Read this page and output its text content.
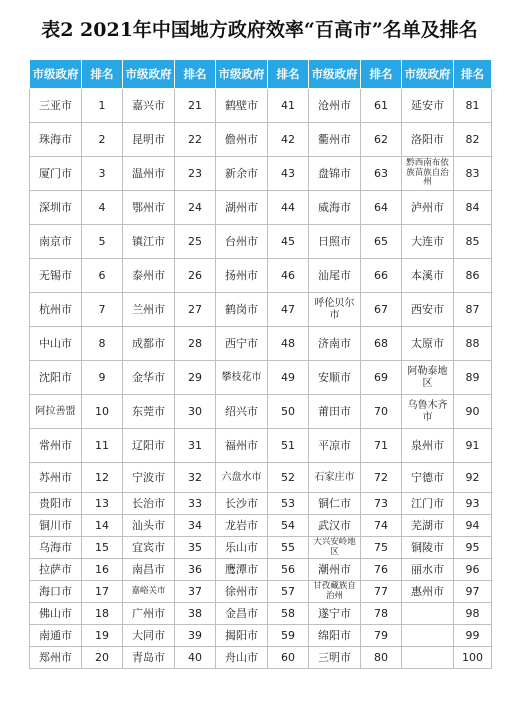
表2 2021年中国地方政府效率“百高市”名单及排名
市级政府	排名	市级政府	排名	市级政府	排名	市级政府	排名	市级政府	排名
三亚市	1	嘉兴市	21	鹤壁市	41	沧州市	61	延安市	81
珠海市	2	昆明市	22	儋州市	42	衢州市	62	洛阳市	82
厦门市	3	温州市	23	新余市	43	盘锦市	63	黔西南布依族苗族自治州	83
深圳市	4	鄂州市	24	湖州市	44	威海市	64	泸州市	84
南京市	5	镇江市	25	台州市	45	日照市	65	大连市	85
无锡市	6	泰州市	26	扬州市	46	汕尾市	66	本溪市	86
杭州市	7	兰州市	27	鹤岗市	47	呼伦贝尔市	67	西安市	87
中山市	8	成都市	28	西宁市	48	济南市	68	太原市	88
沈阳市	9	金华市	29	攀枝花市	49	安顺市	69	阿勒泰地区	89
阿拉善盟	10	东莞市	30	绍兴市	50	莆田市	70	乌鲁木齐市	90
常州市	11	辽阳市	31	福州市	51	平凉市	71	泉州市	91
苏州市	12	宁波市	32	六盘水市	52	石家庄市	72	宁德市	92
贵阳市	13	长治市	33	长沙市	53	铜仁市	73	江门市	93
铜川市	14	汕头市	34	龙岩市	54	武汉市	74	芜湖市	94
乌海市	15	宜宾市	35	乐山市	55	大兴安岭地区	75	铜陵市	95
拉萨市	16	南昌市	36	鹰潭市	56	潮州市	76	丽水市	96
海口市	17	嘉峪关市	37	徐州市	57	甘孜藏族自治州	77	惠州市	97
佛山市	18	广州市	38	金昌市	58	遂宁市	78		98
南通市	19	大同市	39	揭阳市	59	绵阳市	79		99
郑州市	20	青岛市	40	舟山市	60	三明市	80		100
